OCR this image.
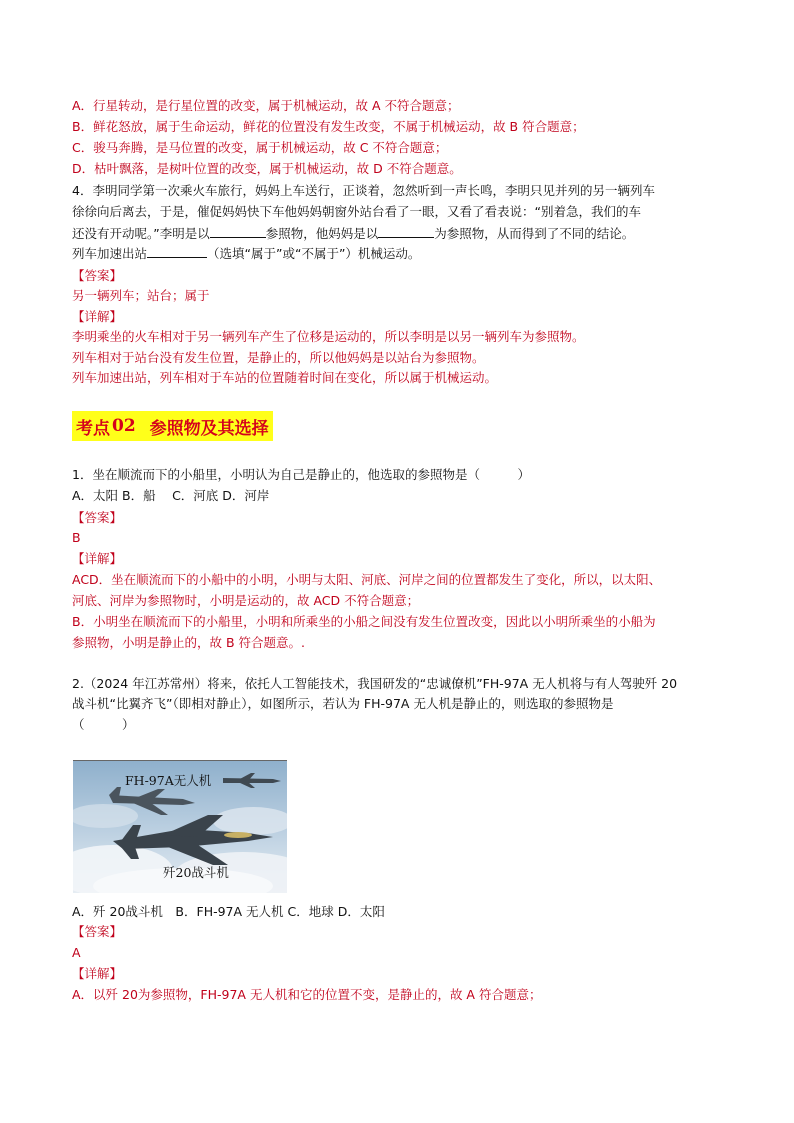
A．行星转动，是行星位置的改变，属于机械运动，故 A 不符合题意；
B．鲜花怒放，属于生命运动，鲜花的位置没有发生改变，不属于机械运动，故 B 符合题意；
C．骏马奔腾，是马位置的改变，属于机械运动，故 C 不符合题意；
D．枯叶飘落，是树叶位置的改变，属于机械运动，故 D 不符合题意。
4．李明同学第一次乘火车旅行，妈妈上车送行，正谈着，忽然听到一声长鸣，李明只见并列的另一辆列车
徐徐向后离去，于是，催促妈妈快下车他妈妈朝窗外站台看了一眼，又看了看表说：“别着急，我们的车
还没有开动呢。”李明是以	参照物，他妈妈是以	为参照物，从而得到了不同的结论。
列车加速出站	（选填“属于”或“不属于”）机械运动。
【答案】
另一辆列车；站台；属于
【详解】
李明乘坐的火车相对于另一辆列车产生了位移是运动的，所以李明是以另一辆列车为参照物。
列车相对于站台没有发生位置，是静止的，所以他妈妈是以站台为参照物。
列车加速出站，列车相对于车站的位置随着时间在变化，所以属于机械运动。
考点 02 参照物及其选择
1．坐在顺流而下的小船里，小明认为自己是静止的，他选取的参照物是（　　　）
A．太阳 B．船　 C．河底 D．河岸
【答案】
B
【详解】
ACD．坐在顺流而下的小船中的小明，小明与太阳、河底、河岸之间的位置都发生了变化，所以，以太阳、
河底、河岸为参照物时，小明是运动的，故 ACD 不符合题意；
B．小明坐在顺流而下的小船里，小明和所乘坐的小船之间没有发生位置改变，因此以小明所乘坐的小船为
参照物，小明是静止的，故 B 符合题意。.
2.（2024 年江苏常州）将来，依托人工智能技术，我国研发的“忠诚僚机”FH-97A 无人机将与有人驾驶歼 20
战斗机“比翼齐飞”（即相对静止），如图所示，若认为 FH-97A 无人机是静止的，则选取的参照物是
（　　　）
FH-97A无人机
歼20战斗机
A．歼 20战斗机　B．FH-97A 无人机 C．地球 D．太阳
【答案】
A
【详解】
A．以歼 20为参照物，FH-97A 无人机和它的位置不变，是静止的，故 A 符合题意；
